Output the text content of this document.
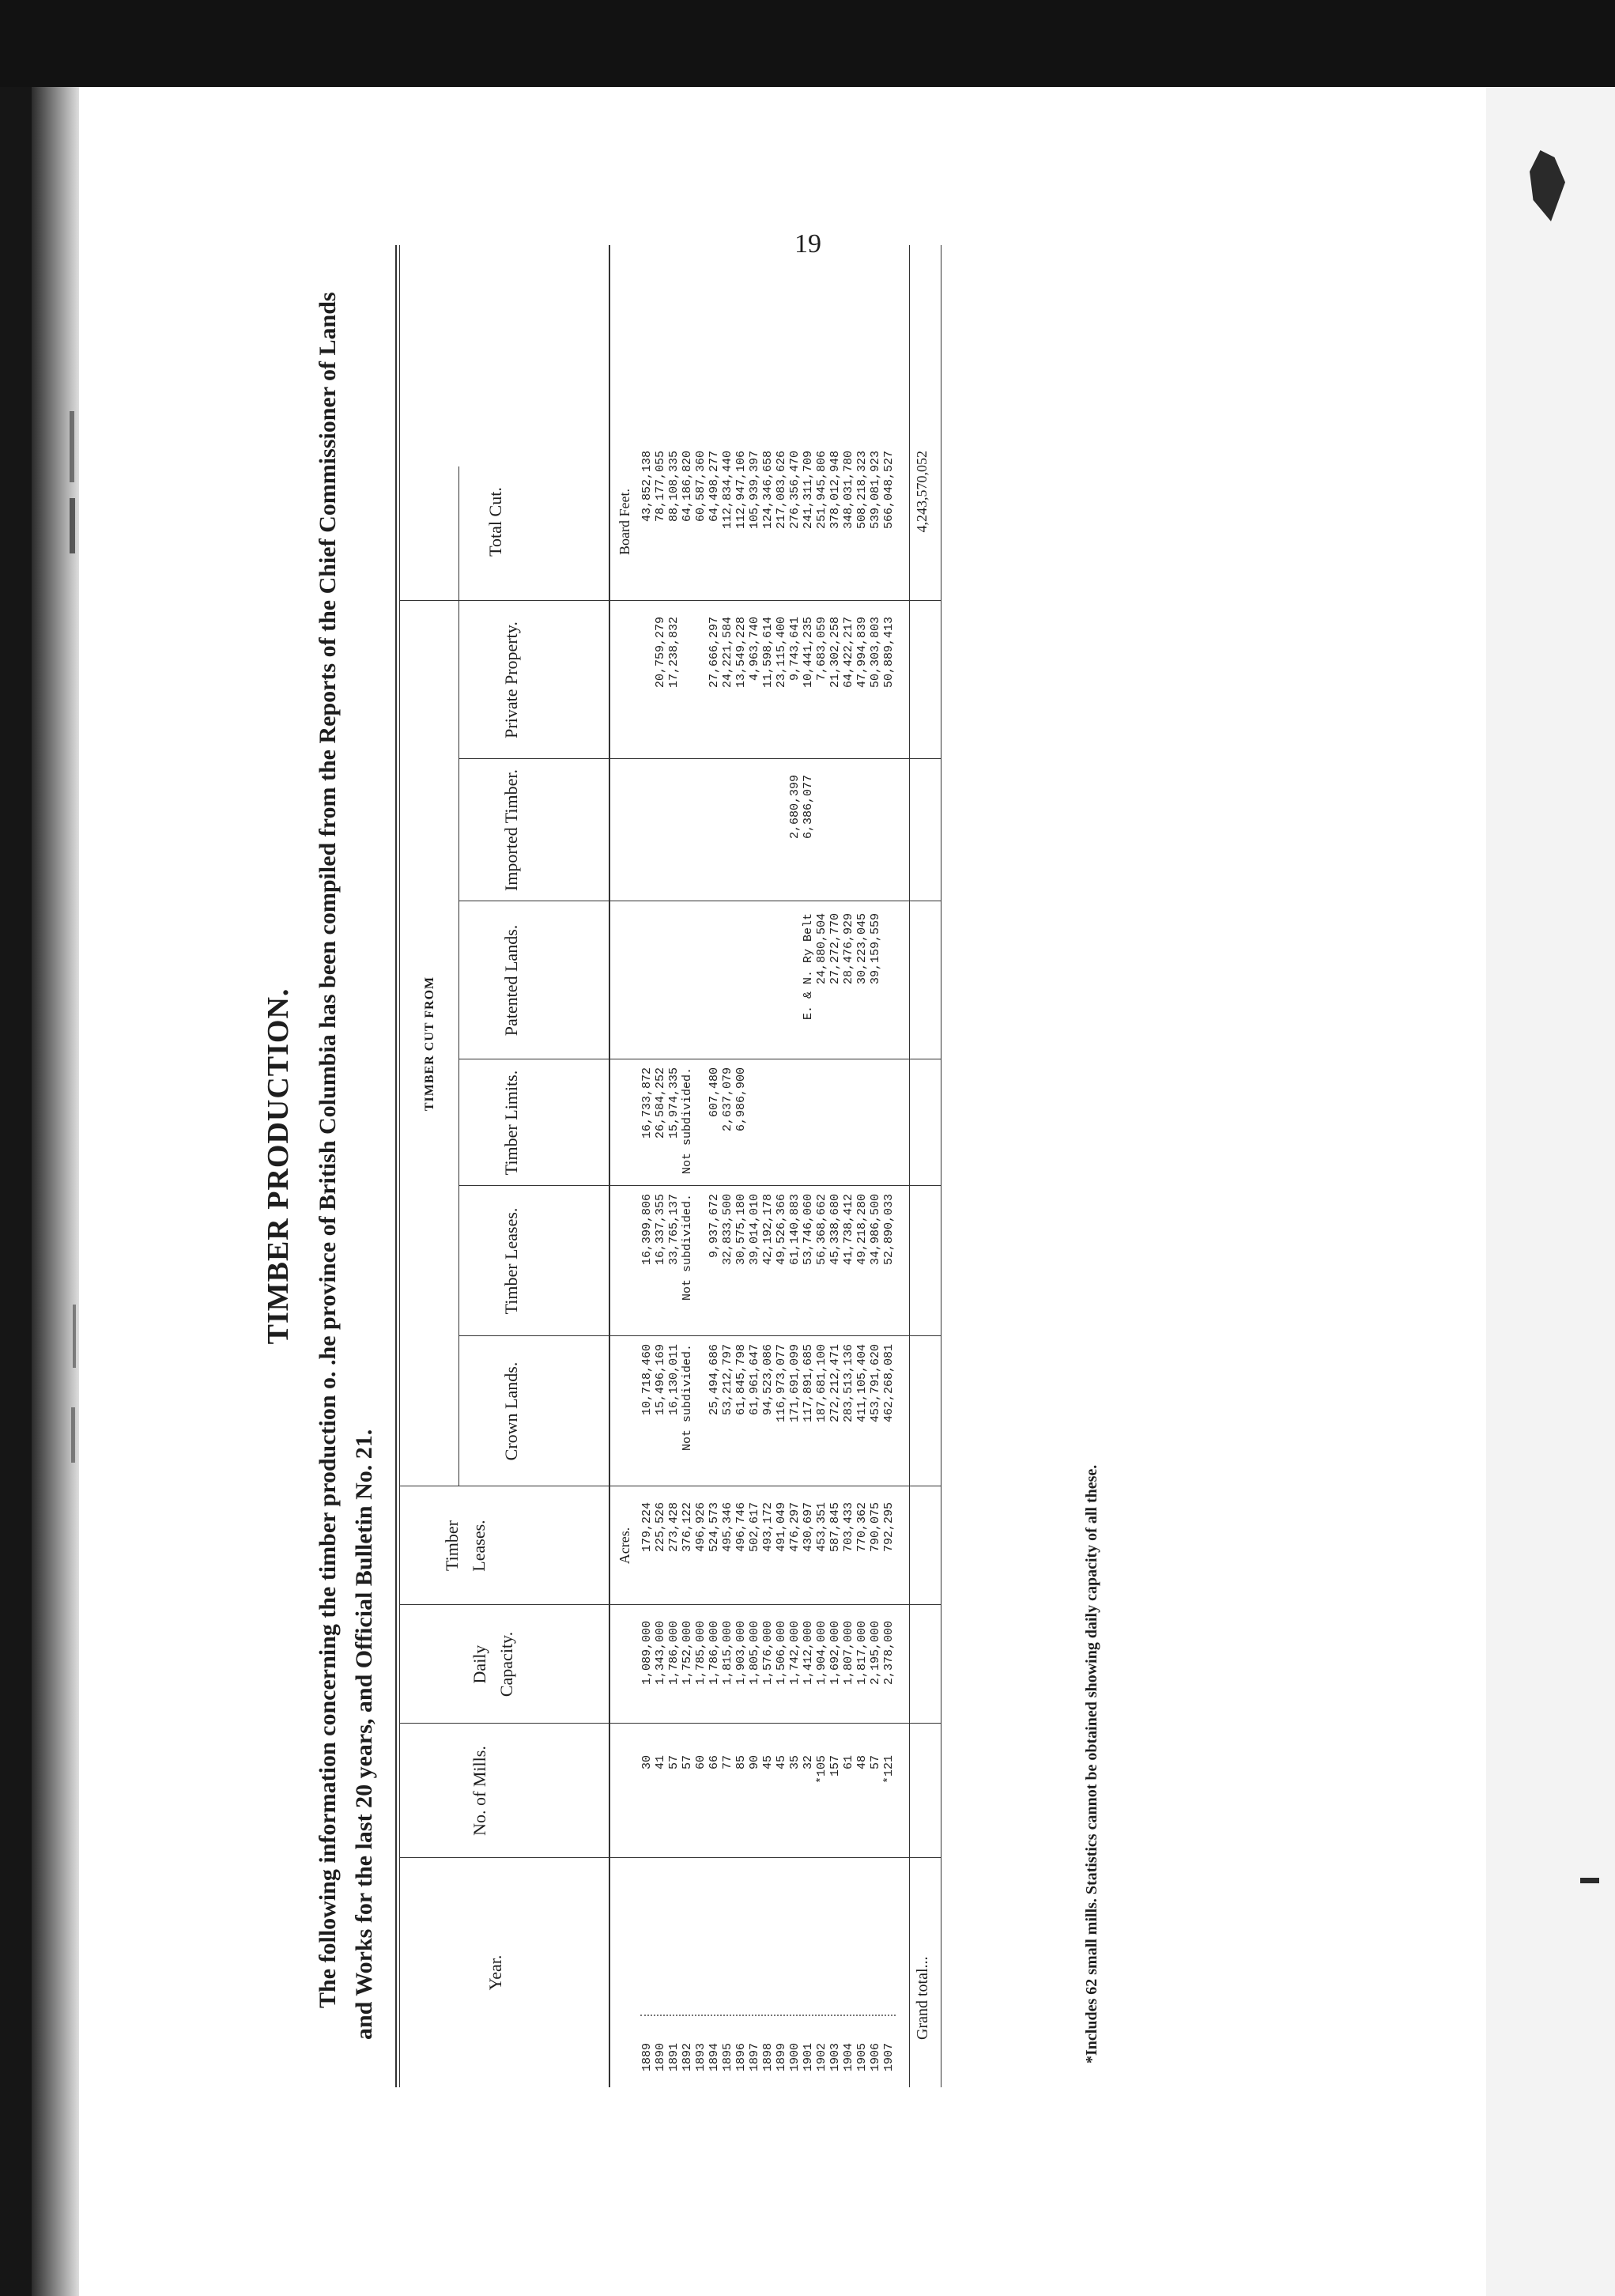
19
TIMBER PRODUCTION. The following information concerning the timber production o. .he province of British Columbia has been compiled from the Reports of the Chief Commissioner of Lands and Works for the last 20 years, and Official Bulletin No. 21.	Year.
No. of Mills.
Daily Capacity.
Timber Leases.
TIMBER CUT FROM
Crown Lands.
Timber Leases.
Timber Limits.
Patented Lands.
Imported Timber.
Private Property.
Total Cut.
Acres.
Board Feet.
1889 1890 1891 1892 1893 1894 1895 1896 1897 1898 1899 1900 1901 1902 1903 1904 1905 1906 1907
30 41 57 57 60 66 77 85 90 45 45 35 32 *105 157 61 48 57 *121
1,089,000 1,343,000 1,786,000 1,752,000 1,785,000 1,786,000 1,815,000 1,903,000 1,805,000 1,576,000 1,506,000 1,742,000 1,412,000 1,904,000 1,692,000 1,807,000 1,817,000 2,195,000 2,378,000
179,224 225,526 273,428 376,122 496,926 524,573 495,346 496,746 502,617 493,172 491,049 476,297 430,697 453,351 587,845 703,433 770,362 790,075 792,295
10,718,460 15,496,169 16,130,011 Not subdivided. 25,494,686 53,212,797 61,845,798 61,961,647 94,523,086 116,973,077 171,691,099 117,891,685 187,681,100 272,212,471 283,513,136 411,105,404 453,791,620 462,268,081
16,399,806 16,337,355 33,765,137 Not subdivided. 9,937,672 32,833,500 30,575,180 39,014,010 42,192,178 49,526,366 61,140,883 53,746,060 56,368,662 45,338,680 41,738,412 49,218,280 34,986,500 52,890,033
16,733,872 26,584,252 15,974,335 Not subdivided. 607,480 2,637,079 6,986,900
E. & N. Ry Belt 24,880,504 27,272,770 28,476,929 30,223,045 39,159,559
2,680,399 6,386,077
20,759,279 17,238,832 27,666,297 24,221,584 13,549,228 4,963,740 11,598,614 23,115,400 9,743,641 10,441,235 7,683,059 21,302,258 64,422,217 47,994,839 50,303,803 50,889,413
43,852,138 78,177,055 88,108,335 64,186,820 60,587,360 64,498,277 112,834,440 112,947,106 105,939,397 124,346,658 217,083,626 276,356,470 241,311,709 251,945,806 378,012,948 348,031,780 508,218,323 539,081,923 566,048,527
Grand total...
4,243,570,052
*Includes 62 small mills. Statistics cannot be obtained showing daily capacity of all these.
